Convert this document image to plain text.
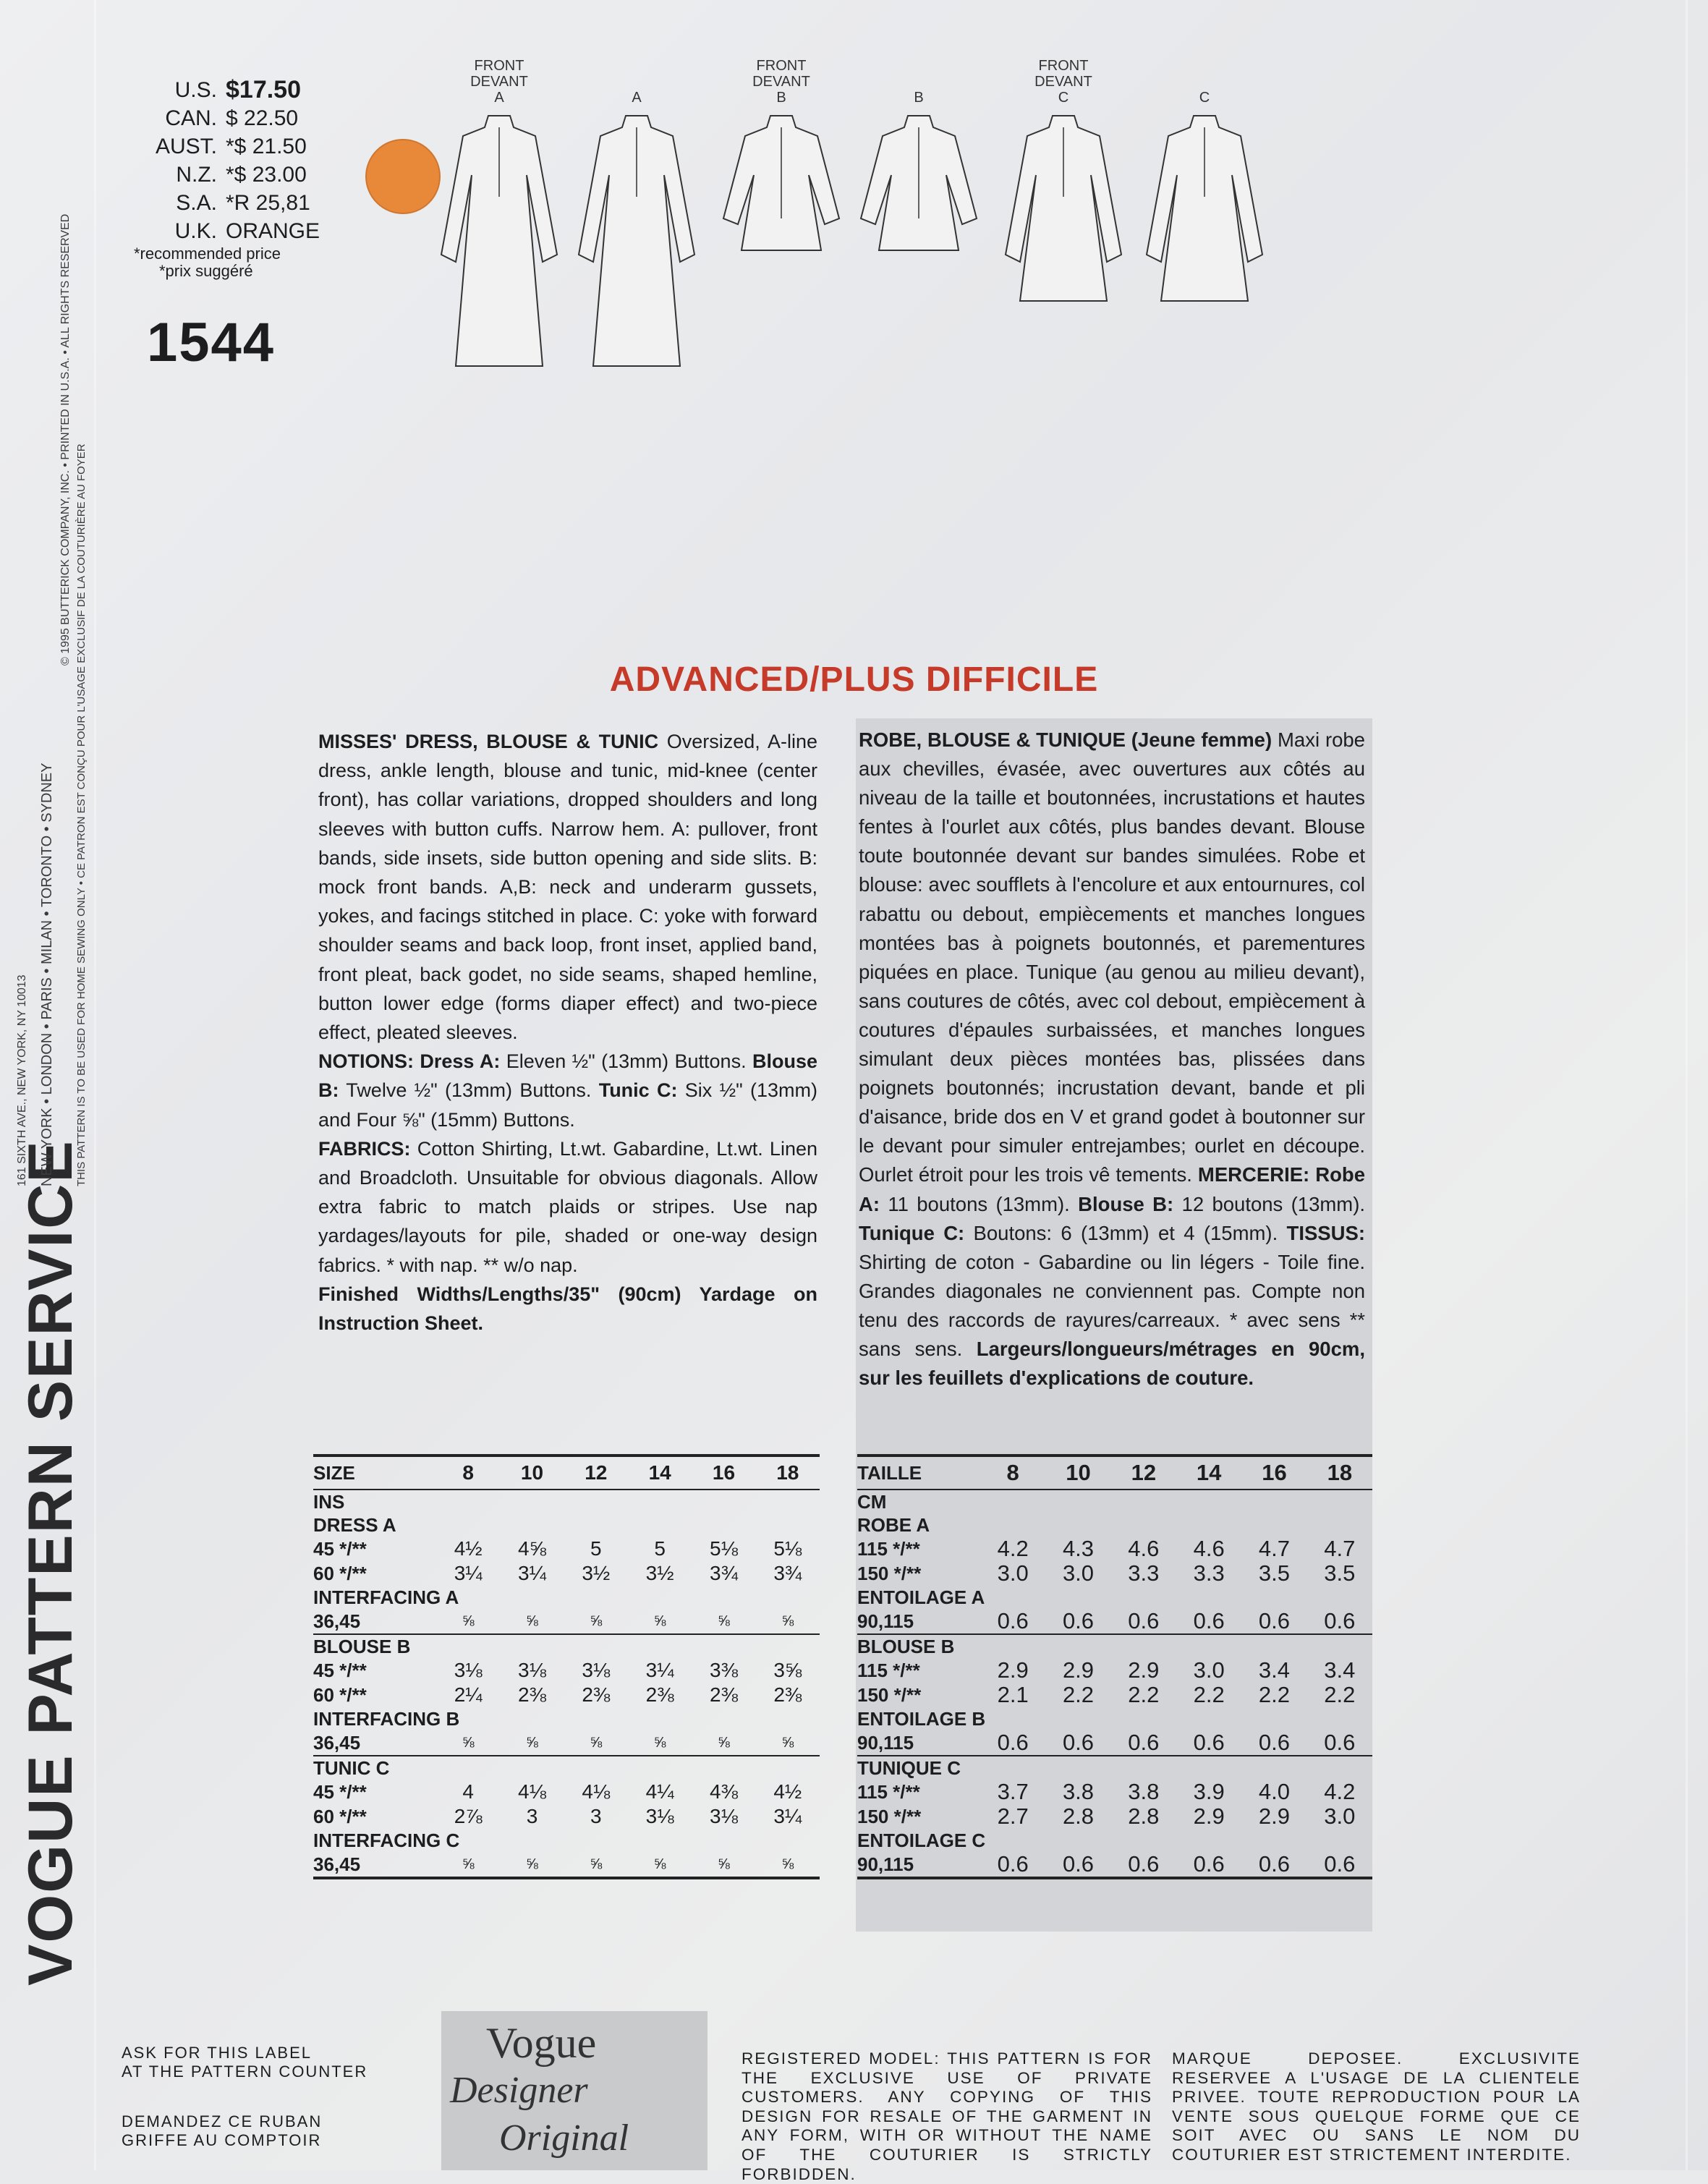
VOGUE PATTERN SERVICE
NEW YORK • LONDON • PARIS • MILAN • TORONTO • SYDNEY
161 SIXTH AVE., NEW YORK, NY 10013
© 1995 BUTTERICK COMPANY, INC. • PRINTED IN U.S.A. • ALL RIGHTS RESERVED
THIS PATTERN IS TO BE USED FOR HOME SEWING ONLY • CE PATRON EST CONÇU POUR L'USAGE EXCLUSIF DE LA COUTURIÈRE AU FOYER
U.S. $17.50
CAN. $ 22.50
AUST. *$ 21.50
N.Z. *$ 23.00
S.A. *R 25,81
U.K. ORANGE
*recommended price
*prix suggéré
1544
FRONT
DEVANT
A	A
FRONT
DEVANT
B	B
FRONT
DEVANT
C	C
ADVANCED/PLUS DIFFICILE
MISSES' DRESS, BLOUSE & TUNIC Oversized, A-line dress, ankle length, blouse and tunic, mid-knee (center front), has collar variations, dropped shoulders and long sleeves with button cuffs. Narrow hem. A: pullover, front bands, side insets, side button opening and side slits. B: mock front bands. A,B: neck and underarm gussets, yokes, and facings stitched in place. C: yoke with forward shoulder seams and back loop, front inset, applied band, front pleat, back godet, no side seams, shaped hemline, button lower edge (forms diaper effect) and two-piece effect, pleated sleeves.
NOTIONS: Dress A: Eleven ½" (13mm) Buttons. Blouse B: Twelve ½" (13mm) Buttons. Tunic C: Six ½" (13mm) and Four ⅝" (15mm) Buttons.
FABRICS: Cotton Shirting, Lt.wt. Gabardine, Lt.wt. Linen and Broadcloth. Unsuitable for obvious diagonals. Allow extra fabric to match plaids or stripes. Use nap yardages/layouts for pile, shaded or one-way design fabrics. * with nap. ** w/o nap.
Finished Widths/Lengths/35" (90cm) Yardage on Instruction Sheet.
ROBE, BLOUSE & TUNIQUE (Jeune femme) Maxi robe aux chevilles, évasée, avec ouvertures aux côtés au niveau de la taille et boutonnées, incrustations et hautes fentes à l'ourlet aux côtés, plus bandes devant. Blouse toute boutonnée devant sur bandes simulées. Robe et blouse: avec soufflets à l'encolure et aux entournures, col rabattu ou debout, empiècements et manches longues montées bas à poignets boutonnés, et parementures piquées en place. Tunique (au genou au milieu devant), sans coutures de côtés, avec col debout, empiècement à coutures d'épaules surbaissées, et manches longues simulant deux pièces montées bas, plissées dans poignets boutonnés; incrustation devant, bande et pli d'aisance, bride dos en V et grand godet à boutonner sur le devant pour simuler entrejambes; ourlet en découpe. Ourlet étroit pour les trois vê tements. MERCERIE: Robe A: 11 boutons (13mm). Blouse B: 12 boutons (13mm). Tunique C: Boutons: 6 (13mm) et 4 (15mm). TISSUS: Shirting de coton - Gabardine ou lin légers - Toile fine. Grandes diagonales ne conviennent pas. Compte non tenu des raccords de rayures/carreaux. * avec sens ** sans sens. Largeurs/longueurs/métrages en 90cm, sur les feuillets d'explications de couture.
SIZE	8	10	12	14	16	18
INS						
DRESS A						
45 */**	4½	4⅝	5	5	5⅛	5⅛
60 */**	3¼	3¼	3½	3½	3¾	3¾
INTERFACING A						
36,45	⅝	⅝	⅝	⅝	⅝	⅝
BLOUSE B						
45 */**	3⅛	3⅛	3⅛	3¼	3⅜	3⅝
60 */**	2¼	2⅜	2⅜	2⅜	2⅜	2⅜
INTERFACING B						
36,45	⅝	⅝	⅝	⅝	⅝	⅝
TUNIC C						
45 */**	4	4⅛	4⅛	4¼	4⅜	4½
60 */**	2⅞	3	3	3⅛	3⅛	3¼
INTERFACING C						
36,45	⅝	⅝	⅝	⅝	⅝	⅝
TAILLE	8	10	12	14	16	18
CM						
ROBE A						
115 */**	4.2	4.3	4.6	4.6	4.7	4.7
150 */**	3.0	3.0	3.3	3.3	3.5	3.5
ENTOILAGE A						
90,115	0.6	0.6	0.6	0.6	0.6	0.6
BLOUSE B						
115 */**	2.9	2.9	2.9	3.0	3.4	3.4
150 */**	2.1	2.2	2.2	2.2	2.2	2.2
ENTOILAGE B						
90,115	0.6	0.6	0.6	0.6	0.6	0.6
TUNIQUE C						
115 */**	3.7	3.8	3.8	3.9	4.0	4.2
150 */**	2.7	2.8	2.8	2.9	2.9	3.0
ENTOILAGE C						
90,115	0.6	0.6	0.6	0.6	0.6	0.6
ASK FOR THIS LABEL
AT THE PATTERN COUNTER
DEMANDEZ CE RUBAN
GRIFFE AU COMPTOIR
Vogue
Designer
Original
REGISTERED MODEL: THIS PATTERN IS FOR THE EXCLUSIVE USE OF PRIVATE CUSTOMERS. ANY COPYING OF THIS DESIGN FOR RESALE OF THE GARMENT IN ANY FORM, WITH OR WITHOUT THE NAME OF THE COUTURIER IS STRICTLY FORBIDDEN.
MARQUE DEPOSEE. EXCLUSIVITE RESERVEE A L'USAGE DE LA CLIENTELE PRIVEE. TOUTE REPRODUCTION POUR LA VENTE SOUS QUELQUE FORME QUE CE SOIT AVEC OU SANS LE NOM DU COUTURIER EST STRICTEMENT INTERDITE.
